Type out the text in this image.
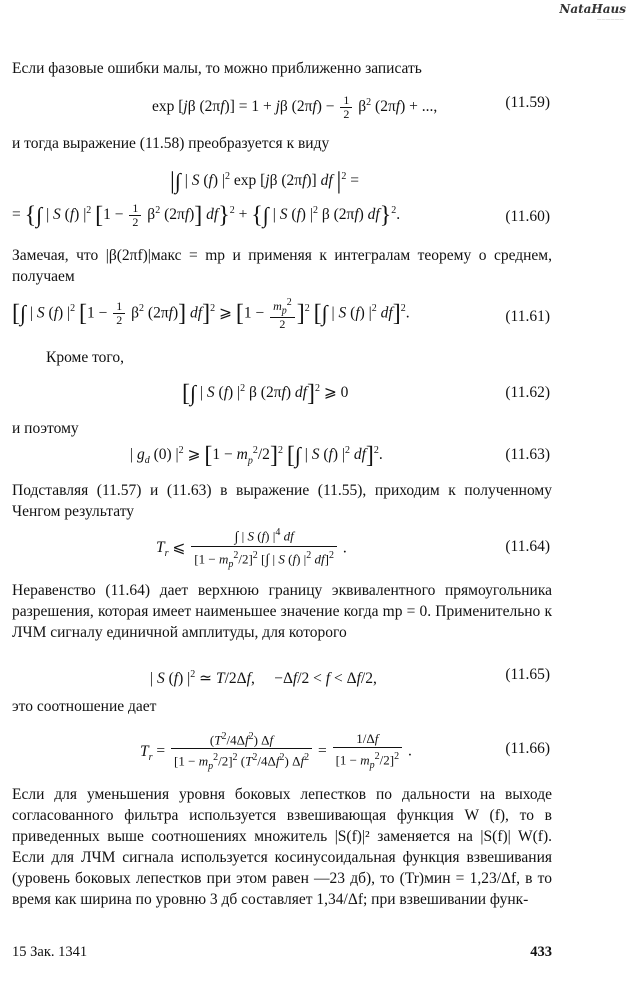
NataHaus
——————
Если фазовые ошибки малы, то можно приближенно записать
exp [jβ (2πf)] = 1 + jβ $(2\pi f) - \frac{1}{2} \beta^2$ (2πf) + ...,	(11.59)
и тогда выражение (11.58) преобразуется к виду
|∫ | S (f) $|^2$ exp [jβ (2πf)] df $|^2$ =
= {∫ | S (f) $|^2$ [$1 - \frac{1}{2} \beta^2$ (2πf)] df}$^2$ + {∫ | S (f) $|^2$ β (2πf) df}$^2$.	(11.60)
Замечая, что |β(2πf)|макс = mp и применяя к интегралам теорему о среднем, получаем
[∫ | S (f) $|^2$ [$1 - \frac{1}{2} \beta^2$ (2πf)] df]$^2$ ⩾ $[1 - \frac{m_p^2}{2} ]^2$ [∫ | S (f) $|^2$ df]$^2$.	(11.61)
Кроме того,
[∫ | S (f) $|^2$ β (2πf) df]$^2$ ⩾ 0	(11.62)
и поэтому
| $g_d$ (0) $|^2$ ⩾ $[1 - m_p^2/2]^2$ [∫ | S (f) $|^2$ df]$^2$.	(11.63)
Подставляя (11.57) и (11.63) в выражение (11.55), приходим к полученному Ченгом результату
$T_r$ ⩽ $\frac{\int | S (f) |^4 df}{[1 - m_p^2/2]^2 [\int | S (f) |^2 df]^2}$ .	(11.64)
Неравенство (11.64) дает верхнюю границу эквивалентного прямоугольника разрешения, которая имеет наименьшее значение когда mp = 0. Применительно к ЛЧМ сигналу единичной амплитуды, для которого
| S (f) $|^2$ ≃ T/2Δf,     −Δf/2 < f < Δf/2,	(11.65)
это соотношение дает
$T_r = \frac{(T^2/4\Delta f^2) \Delta f}{[1 - m_p^2/2]^2 (T^2/4\Delta f^2) \Delta f^2} = \frac{1/\Delta f}{[1 - m_p^2/2]^2}$ .	(11.66)
Если для уменьшения уровня боковых лепестков по дальности на выходе согласованного фильтра используется взвешивающая функция W (f), то в приведенных выше соотношениях множитель |S(f)|² заменяется на |S(f)| W(f). Если для ЛЧМ сигнала используется косинусоидальная функция взвешивания (уровень боковых лепестков при этом равен —23 дб), то (Tr)мин = 1,23/Δf, в то время как ширина по уровню 3 дб составляет 1,34/Δf; при взвешивании функ-
15 Зак. 1341	433
